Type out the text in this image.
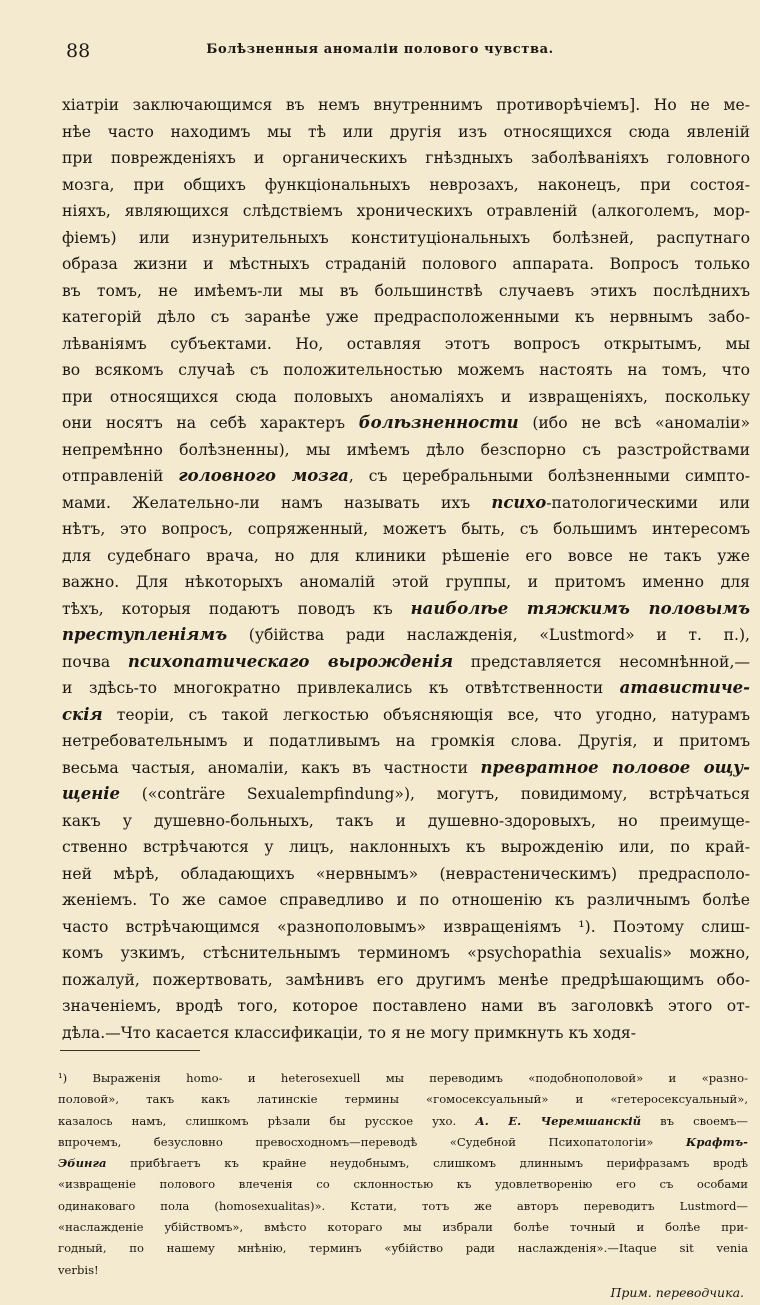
88	Болѣзненныя аномаліи полового чувства.
хіатріи заключающимся въ немъ внутреннимъ противорѣчіемъ]. Но не ме-
нѣе часто находимъ мы тѣ или другія изъ относящихся сюда явленій
при поврежденіяхъ и органическихъ гнѣздныхъ заболѣваніяхъ головного
мозга, при общихъ функціональныхъ неврозахъ, наконецъ, при состоя-
ніяхъ, являющихся слѣдствіемъ хроническихъ отравленій (алкоголемъ, мор-
фіемъ) или изнурительныхъ конституціональныхъ болѣзней, распутнаго
образа жизни и мѣстныхъ страданій полового аппарата. Вопросъ только
въ томъ, не имѣемъ-ли мы въ большинствѣ случаевъ этихъ послѣднихъ
категорій дѣло съ заранѣе уже предрасположенными къ нервнымъ забо-
лѣваніямъ субъектами. Но, оставляя этотъ вопросъ открытымъ, мы
во всякомъ случаѣ съ положительностью можемъ настоять на томъ, что
при относящихся сюда половыхъ аномаліяхъ и извращеніяхъ, поскольку
они носятъ на себѣ характеръ болѣзненности (ибо не всѣ «аномаліи»
непремѣнно болѣзненны), мы имѣемъ дѣло безспорно съ разстройствами
отправленій головного мозга, съ церебральными болѣзненными симпто-
мами. Желательно-ли намъ называть ихъ психо-патологическими или
нѣтъ, это вопросъ, сопряженный, можетъ быть, съ большимъ интересомъ
для судебнаго врача, но для клиники рѣшеніе его вовсе не такъ уже
важно. Для нѣкоторыхъ аномалій этой группы, и притомъ именно для
тѣхъ, которыя подаютъ поводъ къ наиболѣе тяжкимъ половымъ
преступленіямъ (убійства ради наслажденія, «Lustmord» и т. п.),
почва психопатическаго вырожденія представляется несомнѣнной,—
и здѣсь-то многократно привлекались къ отвѣтственности атавистиче-
скія теоріи, съ такой легкостью объясняющія все, что угодно, натурамъ
нетребовательнымъ и податливымъ на громкія слова. Другія, и притомъ
весьма частыя, аномаліи, какъ въ частности превратное половое ощу-
щеніе («conträre Sexualempfindung»), могутъ, повидимому, встрѣчаться
какъ у душевно-больныхъ, такъ и душевно-здоровыхъ, но преимуще-
ственно встрѣчаются у лицъ, наклонныхъ къ вырожденію или, по край-
ней мѣрѣ, обладающихъ «нервнымъ» (неврастеническимъ) предрасполо-
женіемъ. То же самое справедливо и по отношенію къ различнымъ болѣе
часто встрѣчающимся «разнополовымъ» извращеніямъ ¹). Поэтому слиш-
комъ узкимъ, стѣснительнымъ терминомъ «psychopathia sexualis» можно,
пожалуй, пожертвовать, замѣнивъ его другимъ менѣе предрѣшающимъ обо-
значеніемъ, вродѣ того, которое поставлено нами въ заголовкѣ этого от-
дѣла.—Что касается классификаціи, то я не могу примкнуть къ ходя-
¹) Выраженія homo- и heterosexuell мы переводимъ «подобнополовой» и «разно-
половой», такъ какъ латинскіе термины «гомосексуальный» и «гетеросексуальный»,
казалось намъ, слишкомъ рѣзали бы русское ухо. А. Е. Черемшанскій въ своемъ—
впрочемъ, безусловно превосходномъ—переводѣ «Судебной Психопатологіи» Крафтъ-
Эбинга прибѣгаетъ къ крайне неудобнымъ, слишкомъ длиннымъ перифразамъ вродѣ
«извращеніе полового влеченія со склонностью къ удовлетворенію его съ особами
одинаковаго пола (homosexualitas)». Кстати, тотъ же авторъ переводитъ Lustmord—
«наслажденіе убійствомъ», вмѣсто котораго мы избрали болѣе точный и болѣе при-
годный, по нашему мнѣнію, терминъ «убійство ради наслажденія».—Itaque sit venia
verbis!
Прим. переводчика.
